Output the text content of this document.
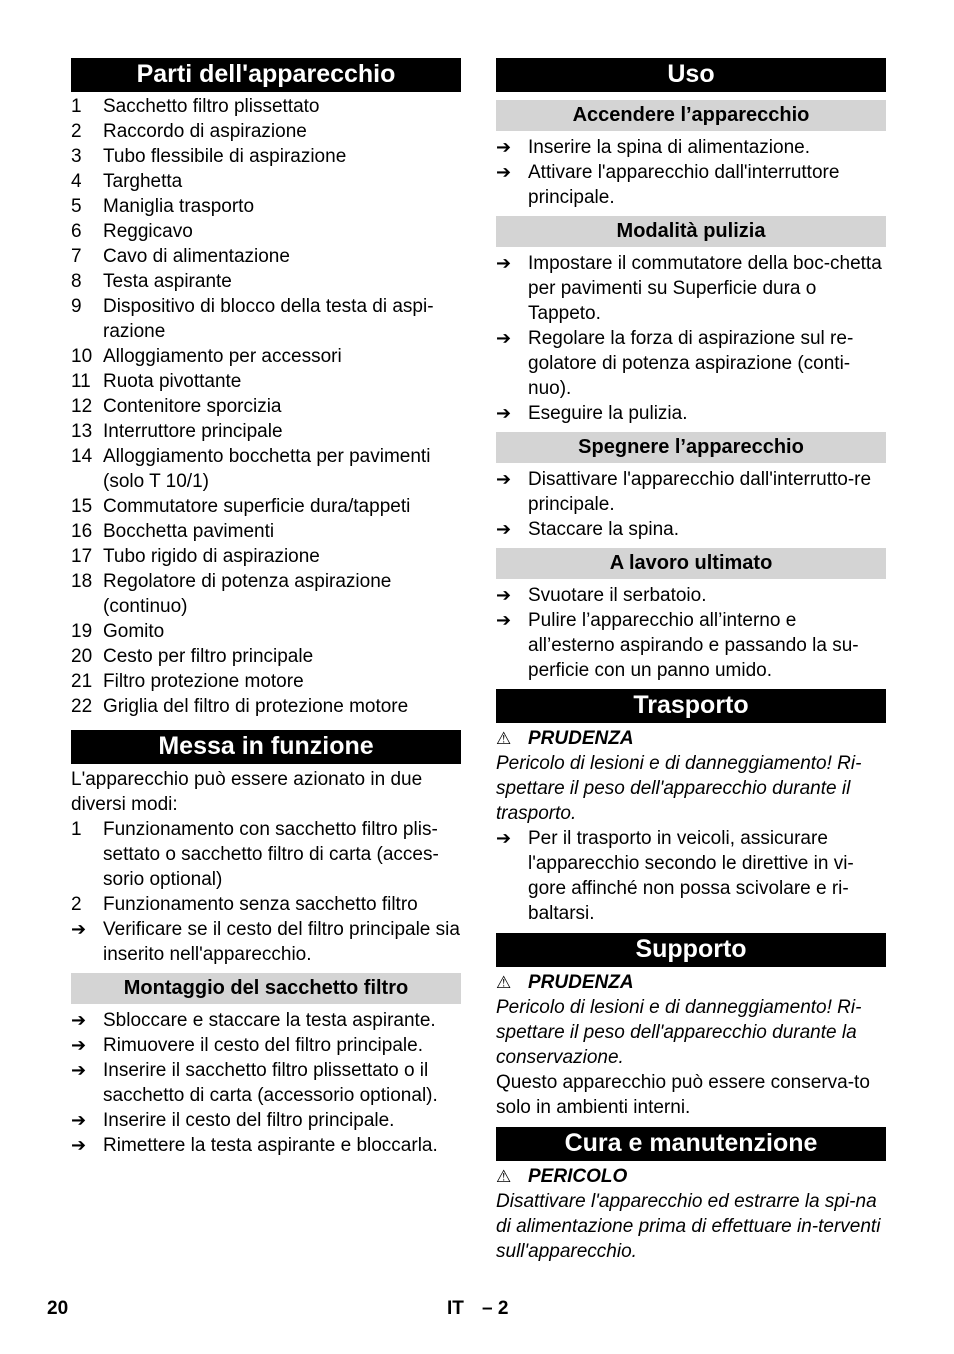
Parti dell'apparecchio
1	Sacchetto filtro plissettato
2	Raccordo di aspirazione
3	Tubo flessibile di aspirazione
4	Targhetta
5	Maniglia trasporto
6	Reggicavo
7	Cavo di alimentazione
8	Testa aspirante
9	Dispositivo di blocco della testa di aspi-razione
10 Alloggiamento per accessori
11 Ruota pivottante
12 Contenitore sporcizia
13 Interruttore principale
14 Alloggiamento bocchetta per pavimenti (solo T 10/1)
15 Commutatore superficie dura/tappeti
16 Bocchetta pavimenti
17 Tubo rigido di aspirazione
18 Regolatore di potenza aspirazione (continuo)
19 Gomito
20 Cesto per filtro principale
21 Filtro protezione motore
22 Griglia del filtro di protezione motore
Messa in funzione

L'apparecchio può essere azionato in due diversi modi:

1	Funzionamento con sacchetto filtro plis-settato o sacchetto filtro di carta (acces-sorio optional)
2	Funzionamento senza sacchetto filtro
➔ Verificare se il cesto del filtro principale sia inserito nell'apparecchio.
Montaggio del sacchetto filtro
➔ Sbloccare e staccare la testa aspirante.
➔ Rimuovere il cesto del filtro principale.
➔ Inserire il sacchetto filtro plissettato o il sacchetto di carta (accessorio optional).
➔ Inserire il cesto del filtro principale.
➔ Rimettere la testa aspirante e bloccarla.
Uso
Accendere l’apparecchio
➔ Inserire la spina di alimentazione.
➔ Attivare l'apparecchio dall'interruttore principale.
Modalità pulizia
➔ Impostare il commutatore della boc-chetta per pavimenti su Superficie dura o Tappeto.
➔ Regolare la forza di aspirazione sul re-golatore di potenza aspirazione (conti-nuo).
➔ Eseguire la pulizia.
Spegnere l’apparecchio
➔ Disattivare l'apparecchio dall'interrutto-re principale.
➔ Staccare la spina.
A lavoro ultimato
➔ Svuotare il serbatoio.
➔ Pulire l’apparecchio all’interno e all’esterno aspirando e passando la su-perficie con un panno umido.
Trasporto
⚠ PRUDENZA

Pericolo di lesioni e di danneggiamento! Ri-spettare il peso dell'apparecchio durante il trasporto.

➔ Per il trasporto in veicoli, assicurare l'apparecchio secondo le direttive in vi-gore affinché non possa scivolare e ri-baltarsi.
Supporto
⚠ PRUDENZA

Pericolo di lesioni e di danneggiamento! Ri-spettare il peso dell'apparecchio durante la conservazione.

Questo apparecchio può essere conserva-to solo in ambienti interni.

Cura e manutenzione
⚠ PERICOLO

Disattivare l'apparecchio ed estrarre la spi-na di alimentazione prima di effettuare in-terventi sull'apparecchio.

20	IT – 2
